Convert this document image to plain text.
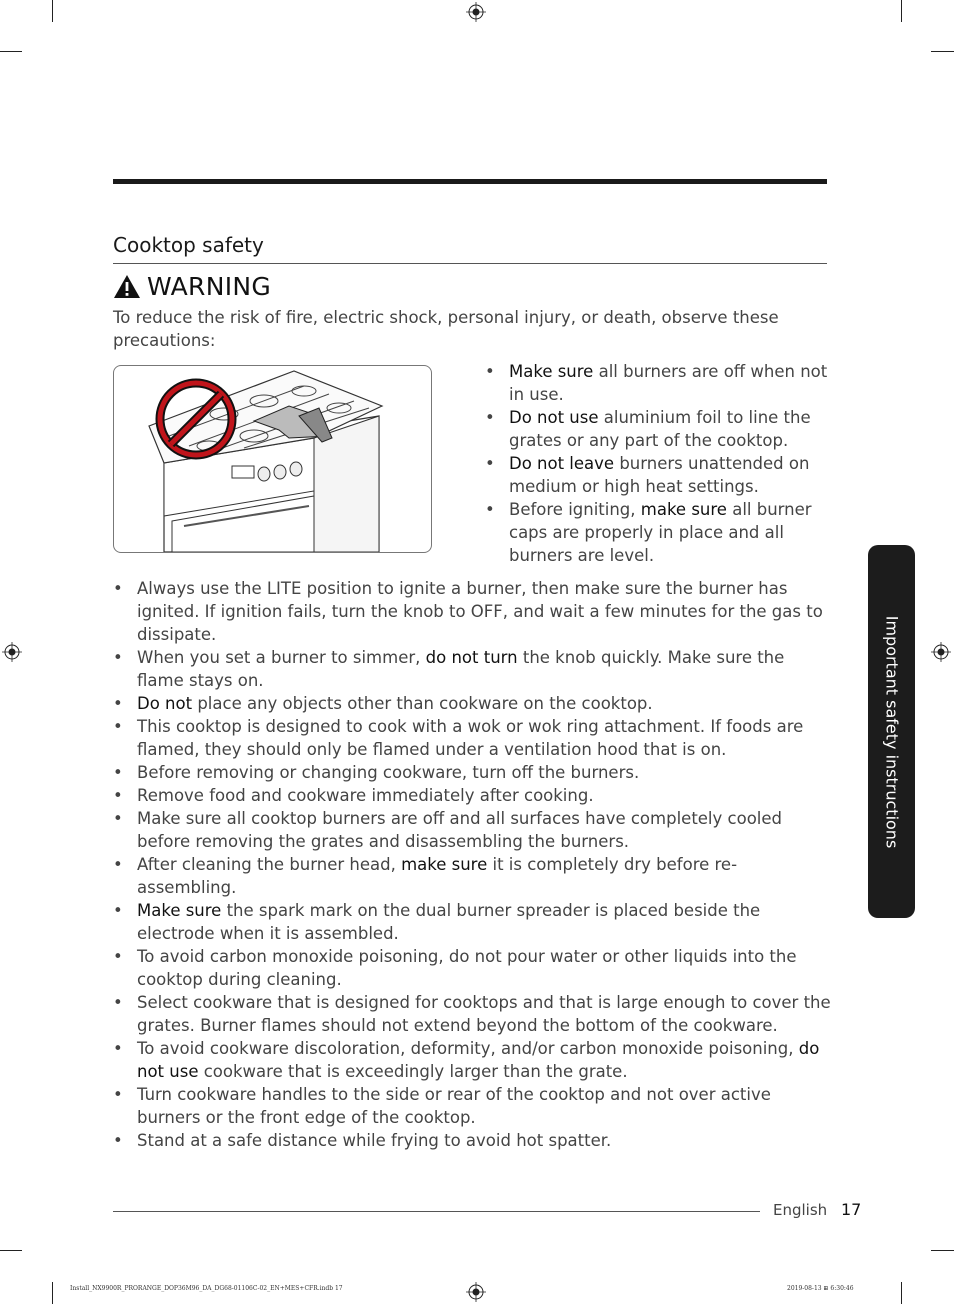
Cooktop safety
WARNING
To reduce the risk of fire, electric shock, personal injury, or death, observe these precautions:
• Make sure all burners are off when not in use.
• Do not use aluminium foil to line the grates or any part of the cooktop.
• Do not leave burners unattended on medium or high heat settings.
• Before igniting, make sure all burner caps are properly in place and all burners are level.
• Always use the LITE position to ignite a burner, then make sure the burner has ignited. If ignition fails, turn the knob to OFF, and wait a few minutes for the gas to dissipate.
• When you set a burner to simmer, do not turn the knob quickly. Make sure the flame stays on.
• Do not place any objects other than cookware on the cooktop.
• This cooktop is designed to cook with a wok or wok ring attachment. If foods are flamed, they should only be flamed under a ventilation hood that is on.
• Before removing or changing cookware, turn off the burners.
• Remove food and cookware immediately after cooking.
• Make sure all cooktop burners are off and all surfaces have completely cooled before removing the grates and disassembling the burners.
• After cleaning the burner head, make sure it is completely dry before re-assembling.
• Make sure the spark mark on the dual burner spreader is placed beside the electrode when it is assembled.
• To avoid carbon monoxide poisoning, do not pour water or other liquids into the cooktop during cleaning.
• Select cookware that is designed for cooktops and that is large enough to cover the grates. Burner flames should not extend beyond the bottom of the cookware.
• To avoid cookware discoloration, deformity, and/or carbon monoxide poisoning, do not use cookware that is exceedingly larger than the grate.
• Turn cookware handles to the side or rear of the cooktop and not over active burners or the front edge of the cooktop.
• Stand at a safe distance while frying to avoid hot spatter.
Important safety instructions
English 17
Install_NX9900R_PRORANGE_DOP36M96_DA_DG68-01106C-02_EN+MES+CFR.indb 17	2019-08-13 ⊞ 6:30:46
